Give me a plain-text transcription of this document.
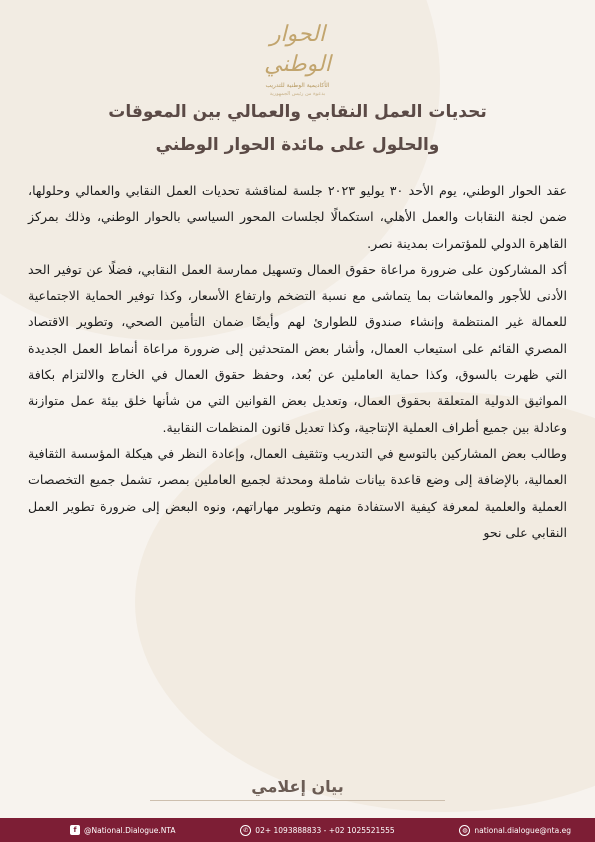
الحوار الوطني
الأكاديمية الوطنية للتدريب
بدعوة من رئيس الجمهورية
تحديات العمل النقابي والعمالي بين المعوقات
والحلول على مائدة الحوار الوطني

عقد الحوار الوطني، يوم الأحد ٣٠ يوليو ٢٠٢٣ جلسة لمناقشة تحديات العمل النقابي والعمالي وحلولها، ضمن لجنة النقابات والعمل الأهلي، استكمالًا لجلسات المحور السياسي بالحوار الوطني، وذلك بمركز القاهرة الدولي للمؤتمرات بمدينة نصر.

أكد المشاركون على ضرورة مراعاة حقوق العمال وتسهيل ممارسة العمل النقابي، فضلًا عن توفير الحد الأدنى للأجور والمعاشات بما يتماشى مع نسبة التضخم وارتفاع الأسعار، وكذا توفير الحماية الاجتماعية للعمالة غير المنتظمة وإنشاء صندوق للطوارئ لهم وأيضًا ضمان التأمين الصحي، وتطوير الاقتصاد المصري القائم على استيعاب العمال، وأشار بعض المتحدثين إلى ضرورة مراعاة أنماط العمل الجديدة التي ظهرت بالسوق، وكذا حماية العاملين عن بُعد، وحفظ حقوق العمال في الخارج والالتزام بكافة المواثيق الدولية المتعلقة بحقوق العمال، وتعديل بعض القوانين التي من شأنها خلق بيئة عمل متوازنة وعادلة بين جميع أطراف العملية الإنتاجية، وكذا تعديل قانون المنظمات النقابية.

وطالب بعض المشاركين بالتوسع في التدريب وتثقيف العمال، وإعادة النظر في هيكلة المؤسسة الثقافية العمالية، بالإضافة إلى وضع قاعدة بيانات شاملة ومحدثة لجميع العاملين بمصر، تشمل جميع التخصصات العملية والعلمية لمعرفة كيفية الاستفادة منهم وتطوير مهاراتهم، ونوه البعض إلى ضرورة تطوير العمل النقابي على نحو

بيان إعلامي
f @National.Dialogue.NTA	✆ 02+ 1093888833 - +02 1025521555	◍ national.dialogue@nta.eg
